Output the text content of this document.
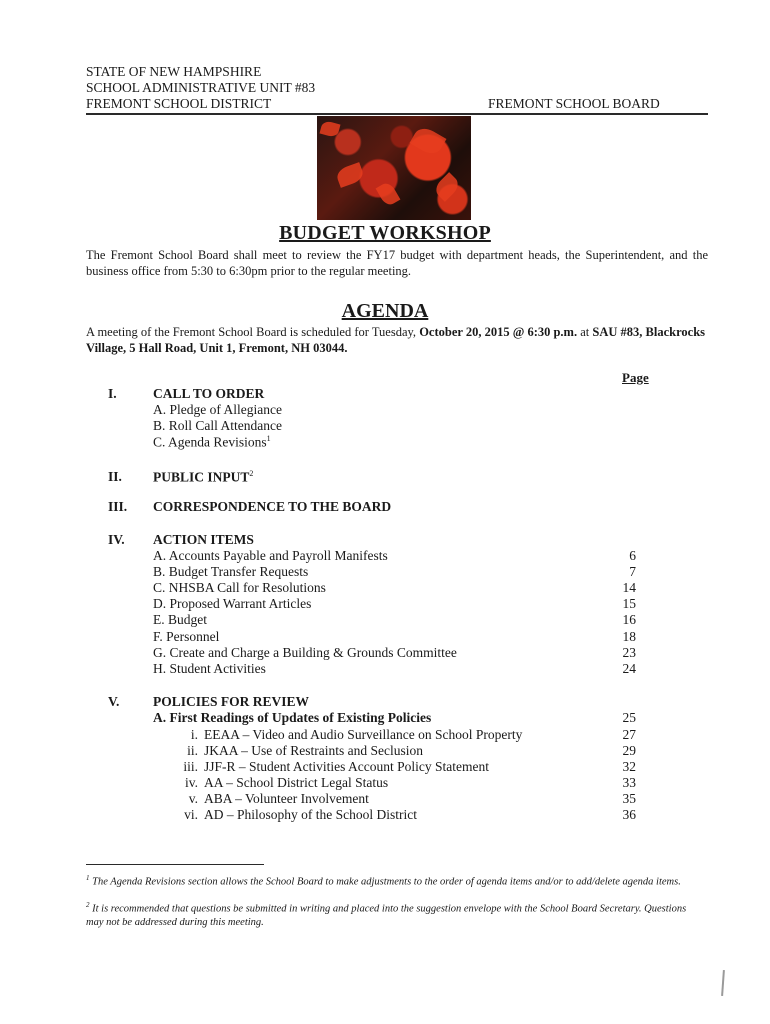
STATE OF NEW HAMPSHIRE
SCHOOL ADMINISTRATIVE UNIT #83
FREMONT SCHOOL DISTRICT	FREMONT SCHOOL BOARD
BUDGET WORKSHOP
The Fremont School Board shall meet to review the FY17 budget with department heads, the Superintendent, and the business office from 5:30 to 6:30pm prior to the regular meeting.
AGENDA
A meeting of the Fremont School Board is scheduled for Tuesday, October 20, 2015 @ 6:30 p.m. at SAU #83, Blackrocks Village, 5 Hall Road, Unit 1, Fremont, NH 03044.
Page
I.	CALL TO ORDER
A. Pledge of Allegiance
B. Roll Call Attendance
C. Agenda Revisions$^1$
II. PUBLIC INPUT$^2$
III. CORRESPONDENCE TO THE BOARD
IV. ACTION ITEMS
A. Accounts Payable and Payroll Manifests	6
B. Budget Transfer Requests	7
C. NHSBA Call for Resolutions	14
D. Proposed Warrant Articles	15
E. Budget	16
F. Personnel	18
G. Create and Charge a Building & Grounds Committee	23
H. Student Activities	24
V. POLICIES FOR REVIEW
A. First Readings of Updates of Existing Policies	25
i. EEAA – Video and Audio Surveillance on School Property	27
ii. JKAA – Use of Restraints and Seclusion	29
iii. JJF-R – Student Activities Account Policy Statement	32
iv. AA – School District Legal Status	33
v. ABA – Volunteer Involvement	35
vi. AD – Philosophy of the School District	36
$^1$ The Agenda Revisions section allows the School Board to make adjustments to the order of agenda items and/or to add/delete agenda items.
$^2$ It is recommended that questions be submitted in writing and placed into the suggestion envelope with the School Board Secretary. Questions may not be addressed during this meeting.
